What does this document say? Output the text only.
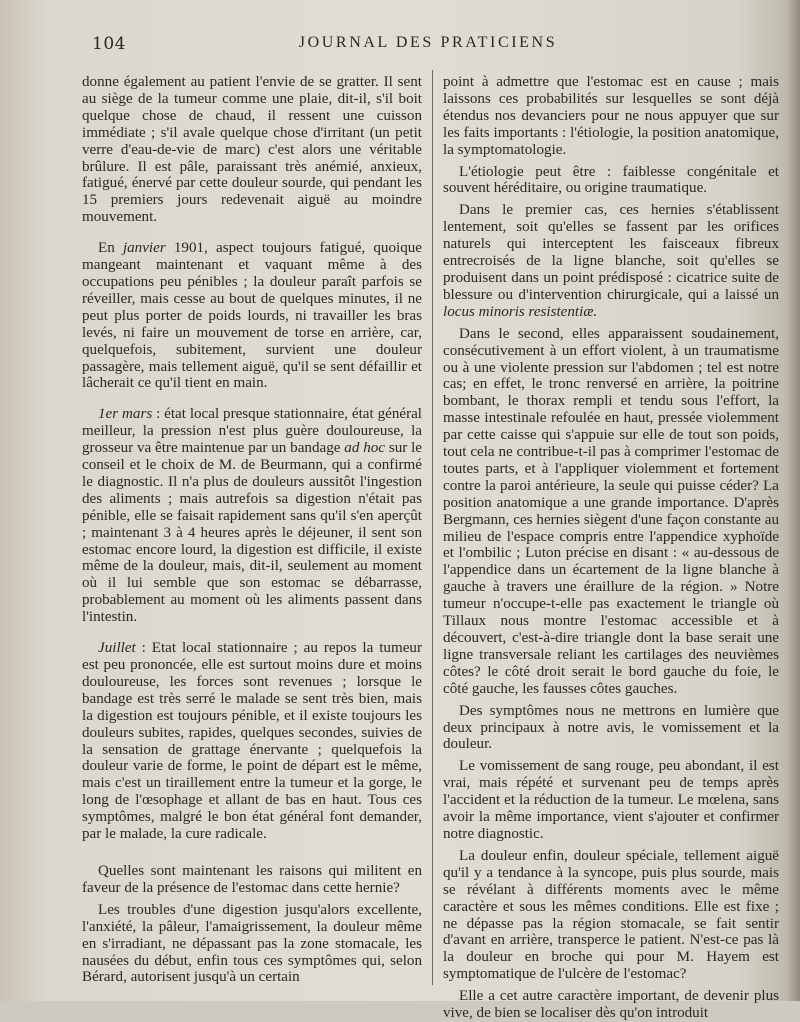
104	JOURNAL DES PRATICIENS

donne également au patient l'envie de se gratter. Il sent au siège de la tumeur comme une plaie, dit-il, s'il boit quelque chose de chaud, il ressent une cuisson immédiate ; s'il avale quelque chose d'irritant (un petit verre d'eau-de-vie de marc) c'est alors une véritable brûlure. Il est pâle, paraissant très anémié, anxieux, fatigué, énervé par cette douleur sourde, qui pendant les 15 premiers jours redevenait aiguë au moindre mouvement.

En janvier 1901, aspect toujours fatigué, quoique mangeant maintenant et vaquant même à des occupations peu pénibles ; la douleur paraît parfois se réveiller, mais cesse au bout de quelques minutes, il ne peut plus porter de poids lourds, ni travailler les bras levés, ni faire un mouvement de torse en arrière, car, quelquefois, subitement, survient une douleur passagère, mais tellement aiguë, qu'il se sent défaillir et lâcherait ce qu'il tient en main.

1er mars : état local presque stationnaire, état général meilleur, la pression n'est plus guère douloureuse, la grosseur va être maintenue par un bandage ad hoc sur le conseil et le choix de M. de Beurmann, qui a confirmé le diagnostic. Il n'a plus de douleurs aussitôt l'ingestion des aliments ; mais autrefois sa digestion n'était pas pénible, elle se faisait rapidement sans qu'il s'en aperçût ; maintenant 3 à 4 heures après le déjeuner, il sent son estomac encore lourd, la digestion est difficile, il existe même de la douleur, mais, dit-il, seulement au moment où il lui semble que son estomac se débarrasse, probablement au moment où les aliments passent dans l'intestin.

Juillet : Etat local stationnaire ; au repos la tumeur est peu prononcée, elle est surtout moins dure et moins douloureuse, les forces sont revenues ; lorsque le bandage est très serré le malade se sent très bien, mais la digestion est toujours pénible, et il existe toujours les douleurs subites, rapides, quelques secondes, suivies de la sensation de grattage énervante ; quelquefois la douleur varie de forme, le point de départ est le même, mais c'est un tiraillement entre la tumeur et la gorge, le long de l'œsophage et allant de bas en haut. Tous ces symptômes, malgré le bon état général font demander, par le malade, la cure radicale.

Quelles sont maintenant les raisons qui militent en faveur de la présence de l'estomac dans cette hernie?

Les troubles d'une digestion jusqu'alors excellente, l'anxiété, la pâleur, l'amaigrissement, la douleur même en s'irradiant, ne dépassant pas la zone stomacale, les nausées du début, enfin tous ces symptômes qui, selon Bérard, autorisent jusqu'à un certain

point à admettre que l'estomac est en cause ; mais laissons ces probabilités sur lesquelles se sont déjà étendus nos devanciers pour ne nous appuyer que sur les faits importants : l'étiologie, la position anatomique, la symptomatologie.

L'étiologie peut être : faiblesse congénitale et souvent héréditaire, ou origine traumatique.

Dans le premier cas, ces hernies s'établissent lentement, soit qu'elles se fassent par les orifices naturels qui interceptent les faisceaux fibreux entrecroisés de la ligne blanche, soit qu'elles se produisent dans un point prédisposé : cicatrice suite de blessure ou d'intervention chirurgicale, qui a laissé un locus minoris resistentiæ.

Dans le second, elles apparaissent soudainement, consécutivement à un effort violent, à un traumatisme ou à une violente pression sur l'abdomen ; tel est notre cas; en effet, le tronc renversé en arrière, la poitrine bombant, le thorax rempli et tendu sous l'effort, la masse intestinale refoulée en haut, pressée violemment par cette caisse qui s'appuie sur elle de tout son poids, tout cela ne contribue-t-il pas à comprimer l'estomac de toutes parts, et à l'appliquer violemment et fortement contre la paroi antérieure, la seule qui puisse céder? La position anatomique a une grande importance. D'après Bergmann, ces hernies siègent d'une façon constante au milieu de l'espace compris entre l'appendice xyphoïde et l'ombilic ; Luton précise en disant : « au-dessous de l'appendice dans un écartement de la ligne blanche à gauche à travers une éraillure de la région. » Notre tumeur n'occupe-t-elle pas exactement le triangle où Tillaux nous montre l'estomac accessible et à découvert, c'est-à-dire triangle dont la base serait une ligne transversale reliant les cartilages des neuvièmes côtes? le côté droit serait le bord gauche du foie, le côté gauche, les fausses côtes gauches.

Des symptômes nous ne mettrons en lumière que deux principaux à notre avis, le vomissement et la douleur.

Le vomissement de sang rouge, peu abondant, il est vrai, mais répété et survenant peu de temps après l'accident et la réduction de la tumeur. Le mœlena, sans avoir la même importance, vient s'ajouter et confirmer notre diagnostic.

La douleur enfin, douleur spéciale, tellement aiguë qu'il y a tendance à la syncope, puis plus sourde, mais se révélant à différents moments avec le même caractère et sous les mêmes conditions. Elle est fixe ; ne dépasse pas la région stomacale, se fait sentir d'avant en arrière, transperce le patient. N'est-ce pas là la douleur en broche qui pour M. Hayem est symptomatique de l'ulcère de l'estomac?

Elle a cet autre caractère important, de devenir plus vive, de bien se localiser dès qu'on introduit
